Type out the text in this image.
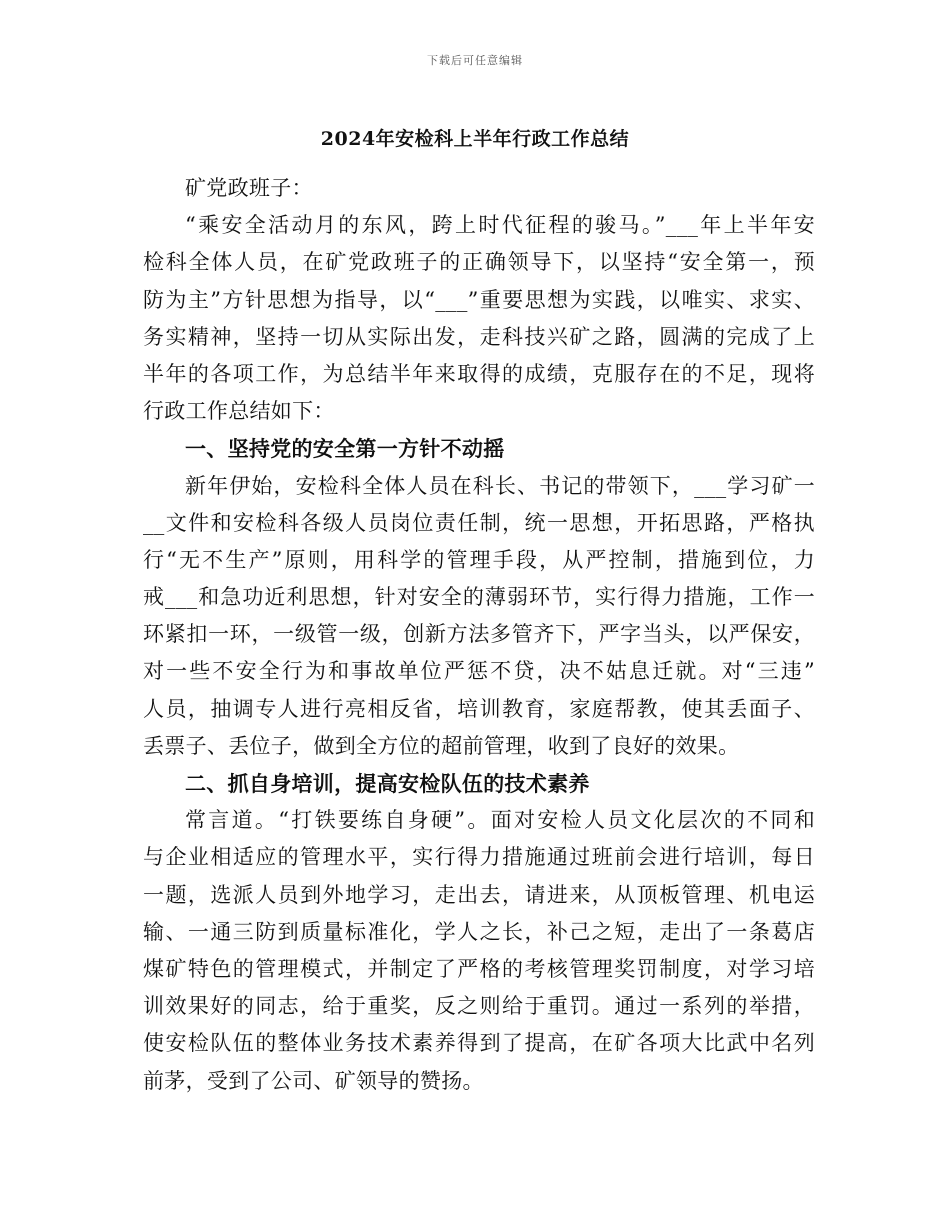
下载后可任意编辑
2024年安检科上半年行政工作总结
矿党政班子：
“乘安全活动月的东风，跨上时代征程的骏马。”___年上半年安
检科全体人员，在矿党政班子的正确领导下，以坚持“安全第一，预
防为主”方针思想为指导，以“___”重要思想为实践，以唯实、求实、
务实精神，坚持一切从实际出发，走科技兴矿之路，圆满的完成了上
半年的各项工作，为总结半年来取得的成绩，克服存在的不足，现将
行政工作总结如下：
一、坚持党的安全第一方针不动摇
新年伊始，安检科全体人员在科长、书记的带领下，___学习矿一
__文件和安检科各级人员岗位责任制，统一思想，开拓思路，严格执
行“无不生产”原则，用科学的管理手段，从严控制，措施到位，力
戒___和急功近利思想，针对安全的薄弱环节，实行得力措施，工作一
环紧扣一环，一级管一级，创新方法多管齐下，严字当头，以严保安，
对一些不安全行为和事故单位严惩不贷，决不姑息迁就。对“三违”
人员，抽调专人进行亮相反省，培训教育，家庭帮教，使其丢面子、
丢票子、丢位子，做到全方位的超前管理，收到了良好的效果。
二、抓自身培训，提高安检队伍的技术素养
常言道。“打铁要练自身硬”。面对安检人员文化层次的不同和
与企业相适应的管理水平，实行得力措施通过班前会进行培训，每日
一题，选派人员到外地学习，走出去，请进来，从顶板管理、机电运
输、一通三防到质量标准化，学人之长，补己之短，走出了一条葛店
煤矿特色的管理模式，并制定了严格的考核管理奖罚制度，对学习培
训效果好的同志，给于重奖，反之则给于重罚。通过一系列的举措，
使安检队伍的整体业务技术素养得到了提高，在矿各项大比武中名列
前茅，受到了公司、矿领导的赞扬。
